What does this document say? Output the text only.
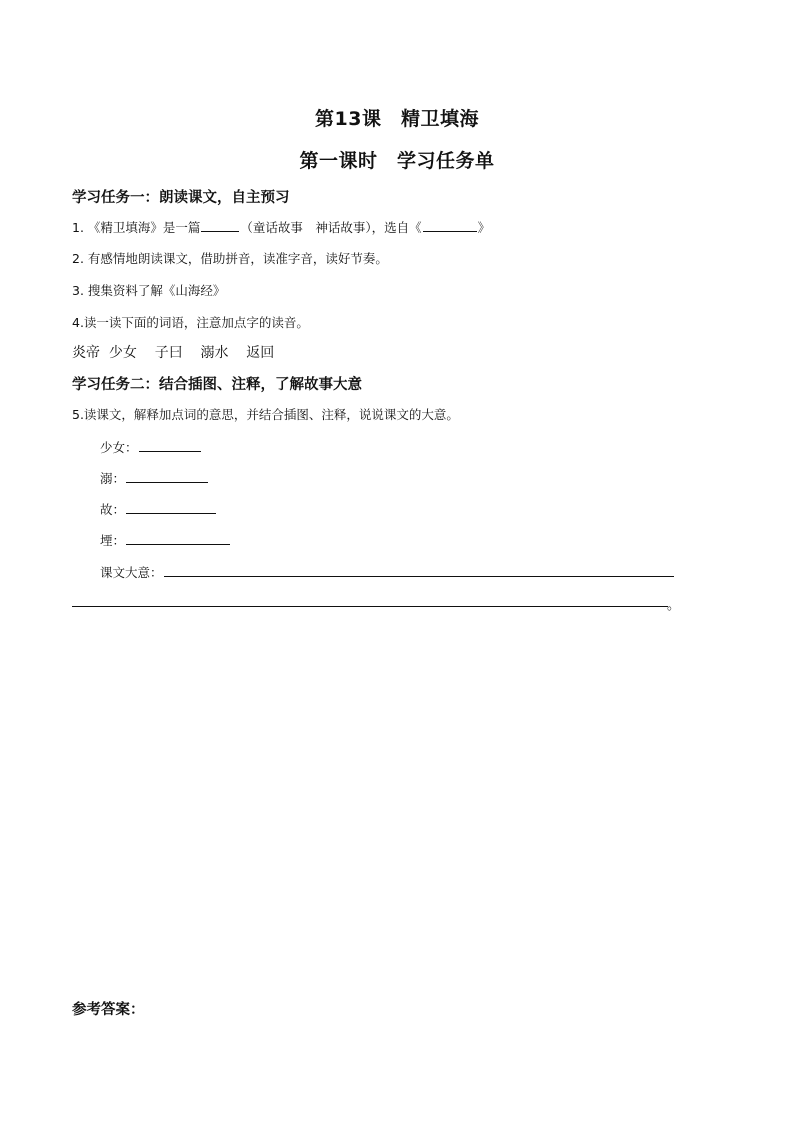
第13课　精卫填海
第一课时　学习任务单
学习任务一：朗读课文，自主预习
1. 《精卫填海》是一篇	（童话故事　神话故事），选自《	》
2. 有感情地朗读课文，借助拼音，读准字音，读好节奏。
3. 搜集资料了解《山海经》
4.读一读下面的词语，注意加点字的读音。
炎帝  少女    子曰    溺水    返回
学习任务二：结合插图、注释，了解故事大意
5.读课文，解释加点词的意思，并结合插图、注释，说说课文的大意。
少女：
溺：
故：
堙：
课文大意：
。
参考答案：
